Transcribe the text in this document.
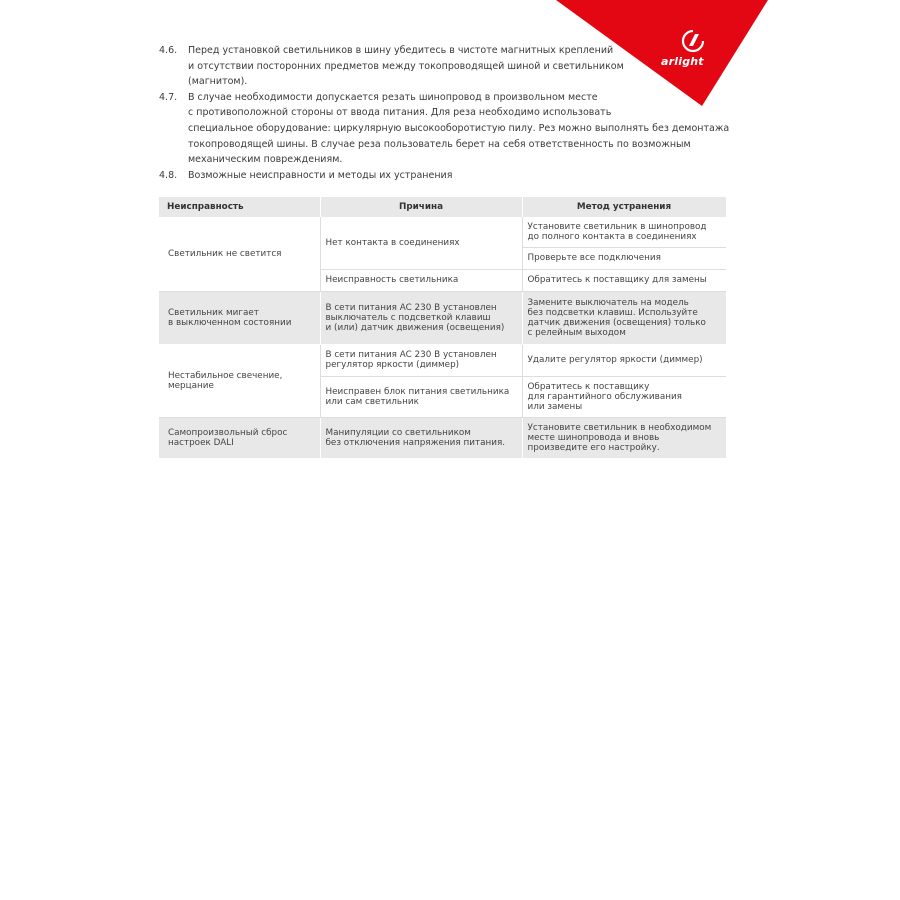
arlight
4.6.	Перед установкой светильников в шину убедитесь в чистоте магнитных креплений
и отсутствии посторонних предметов между токопроводящей шиной и светильником
(магнитом).
4.7.	В случае необходимости допускается резать шинопровод в произвольном месте
с противоположной стороны от ввода питания. Для реза необходимо использовать
специальное оборудование: циркулярную высокооборотистую пилу. Рез можно выполнять без демонтажа
токопроводящей шины. В случае реза пользователь берет на себя ответственность по возможным
механическим повреждениям.
4.8.	Возможные неисправности и методы их устранения
Неисправность	Причина	Метод устранения

Светильник не светится	Нет контакта в соединениях	Установите светильник в шинопровод
до полного контакта в соединениях

		Проверьте все подключения

	Неисправность светильника	Обратитесь к поставщику для замены

Светильник мигает
в выключенном состоянии	В сети питания AC 230 В установлен
выключатель с подсветкой клавиш
и (или) датчик движения (освещения)	Замените выключатель на модель
без подсветки клавиш. Используйте
датчик движения (освещения) только
с релейным выходом

Нестабильное свечение,
мерцание	В сети питания AC 230 В установлен
регулятор яркости (диммер)	Удалите регулятор яркости (диммер)

	Неисправен блок питания светильника
или сам светильник	Обратитесь к поставщику
для гарантийного обслуживания
или замены

Самопроизвольный сброс
настроек DALI	Манипуляции со светильником
без отключения напряжения питания.	Установите светильник в необходимом
месте шинопровода и вновь
произведите его настройку.
